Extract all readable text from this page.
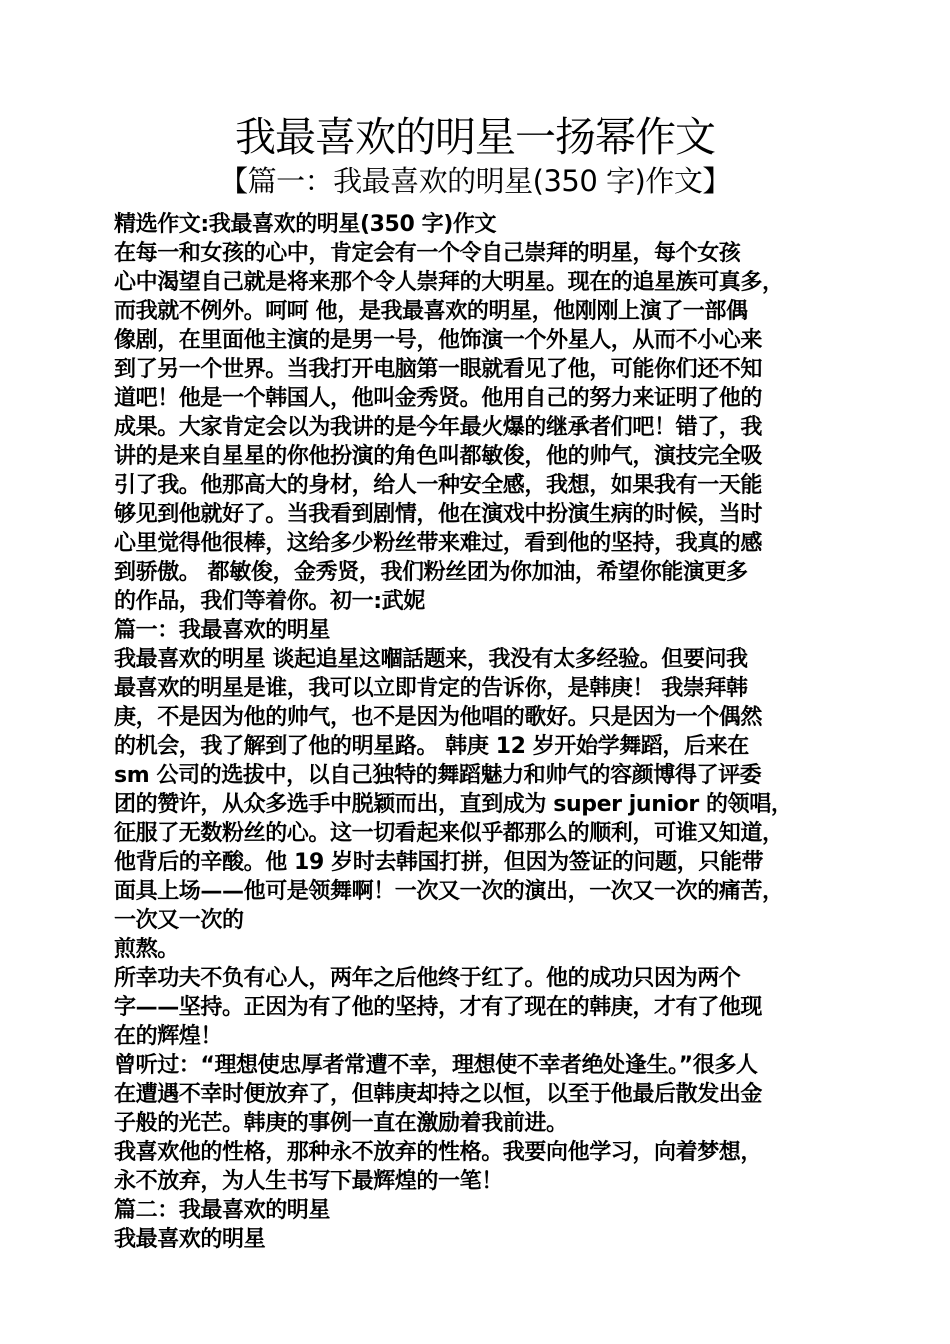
我最喜欢的明星一扬幂作文
【篇一：我最喜欢的明星(350 字)作文】
精选作文:我最喜欢的明星(350 字)作文
在每一和女孩的心中，肯定会有一个令自己崇拜的明星，每个女孩
心中渴望自己就是将来那个令人崇拜的大明星。现在的追星族可真多，
而我就不例外。呵呵 他，是我最喜欢的明星，他刚刚上演了一部偶
像剧，在里面他主演的是男一号，他饰演一个外星人，从而不小心来
到了另一个世界。当我打开电脑第一眼就看见了他，可能你们还不知
道吧！他是一个韩国人，他叫金秀贤。他用自己的努力来证明了他的
成果。大家肯定会以为我讲的是今年最火爆的继承者们吧！错了，我
讲的是来自星星的你他扮演的角色叫都敏俊，他的帅气，演技完全吸
引了我。他那高大的身材，给人一种安全感，我想，如果我有一天能
够见到他就好了。当我看到剧情，他在演戏中扮演生病的时候，当时
心里觉得他很棒，这给多少粉丝带来难过，看到他的坚持，我真的感
到骄傲。 都敏俊，金秀贤，我们粉丝团为你加油，希望你能演更多
的作品，我们等着你。初一:武妮
篇一：我最喜欢的明星
我最喜欢的明星 谈起追星这嗰話题来，我没有太多经验。但要问我
最喜欢的明星是谁，我可以立即肯定的告诉你，是韩庚！ 我崇拜韩
庚，不是因为他的帅气，也不是因为他唱的歌好。只是因为一个偶然
的机会，我了解到了他的明星路。 韩庚 12 岁开始学舞蹈，后来在
sm 公司的选拔中，以自己独特的舞蹈魅力和帅气的容颜博得了评委
团的赞许，从众多选手中脱颖而出，直到成为 super junior 的领唱，
征服了无数粉丝的心。这一切看起来似乎都那么的顺利，可谁又知道，
他背后的辛酸。他 19 岁时去韩国打拼，但因为签证的问题，只能带
面具上场——他可是领舞啊！一次又一次的演出，一次又一次的痛苦，
一次又一次的
煎熬。
所幸功夫不负有心人，两年之后他终于红了。他的成功只因为两个
字——坚持。正因为有了他的坚持，才有了现在的韩庚，才有了他现
在的辉煌！
曾听过：“理想使忠厚者常遭不幸，理想使不幸者绝处逢生。”很多人
在遭遇不幸时便放弃了，但韩庚却持之以恒，以至于他最后散发出金
子般的光芒。韩庚的事例一直在激励着我前进。
我喜欢他的性格，那种永不放弃的性格。我要向他学习，向着梦想，
永不放弃，为人生书写下最辉煌的一笔！
篇二：我最喜欢的明星
我最喜欢的明星
